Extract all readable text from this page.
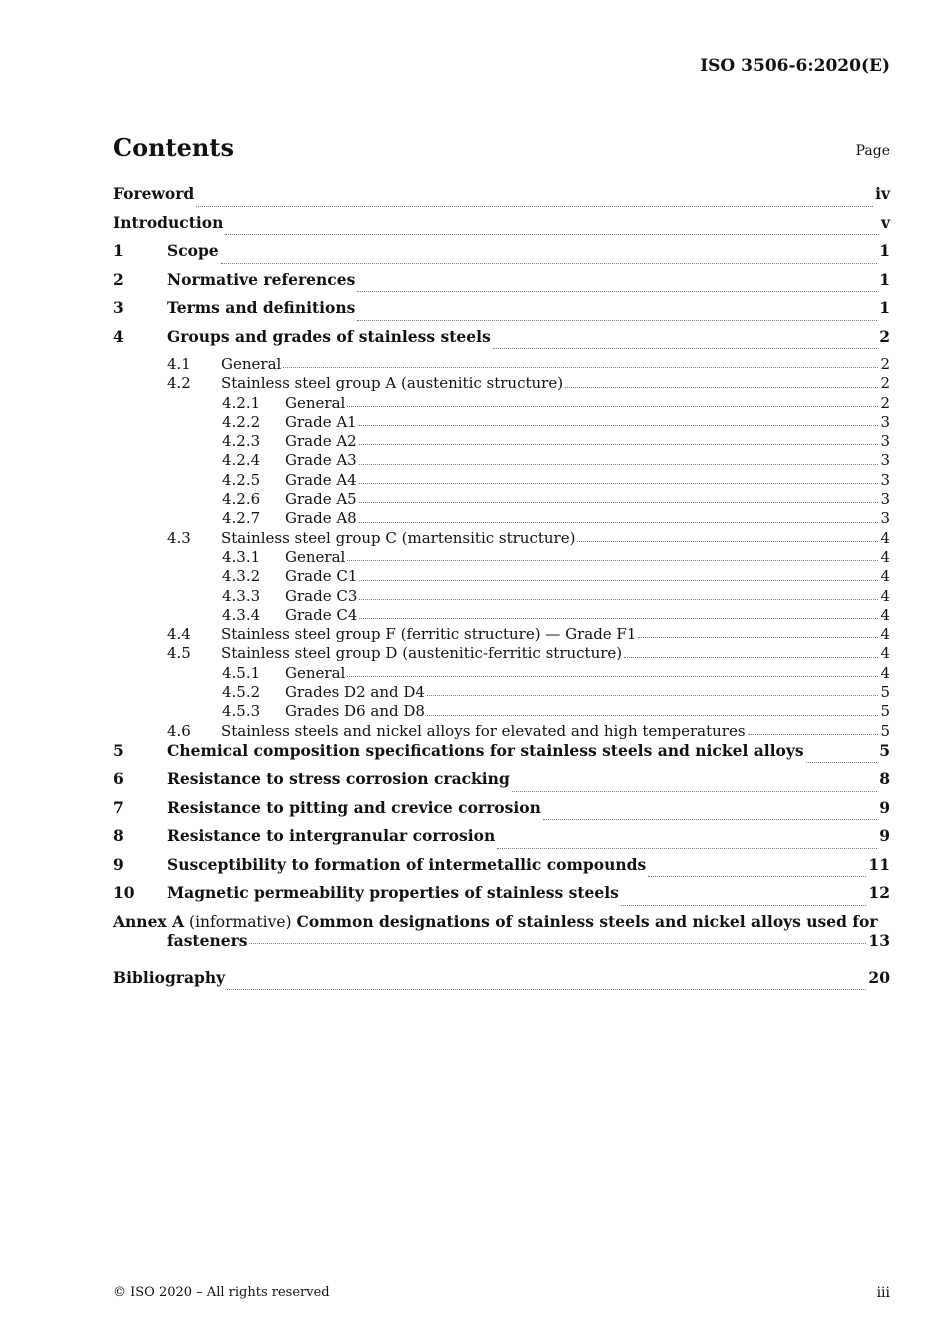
ISO 3506-6:2020(E)
Contents	Page
Foreword	iv
Introduction	v
1	Scope	1
2	Normative references	1
3	Terms and definitions	1
4	Groups and grades of stainless steels	2
4.1	General	2
4.2	Stainless steel group A (austenitic structure)	2
4.2.1	General	2
4.2.2	Grade A1	3
4.2.3	Grade A2	3
4.2.4	Grade A3	3
4.2.5	Grade A4	3
4.2.6	Grade A5	3
4.2.7	Grade A8	3
4.3	Stainless steel group C (martensitic structure)	4
4.3.1	General	4
4.3.2	Grade C1	4
4.3.3	Grade C3	4
4.3.4	Grade C4	4
4.4	Stainless steel group F (ferritic structure) — Grade F1	4
4.5	Stainless steel group D (austenitic-ferritic structure)	4
4.5.1	General	4
4.5.2	Grades D2 and D4	5
4.5.3	Grades D6 and D8	5
4.6	Stainless steels and nickel alloys for elevated and high temperatures	5
5	Chemical composition specifications for stainless steels and nickel alloys	5
6	Resistance to stress corrosion cracking	8
7	Resistance to pitting and crevice corrosion	9
8	Resistance to intergranular corrosion	9
9	Susceptibility to formation of intermetallic compounds	11
10	Magnetic permeability properties of stainless steels	12
Annex A (informative) Common designations of stainless steels and nickel alloys used for
fasteners	13
Bibliography	20
© ISO 2020 – All rights reserved	iii
